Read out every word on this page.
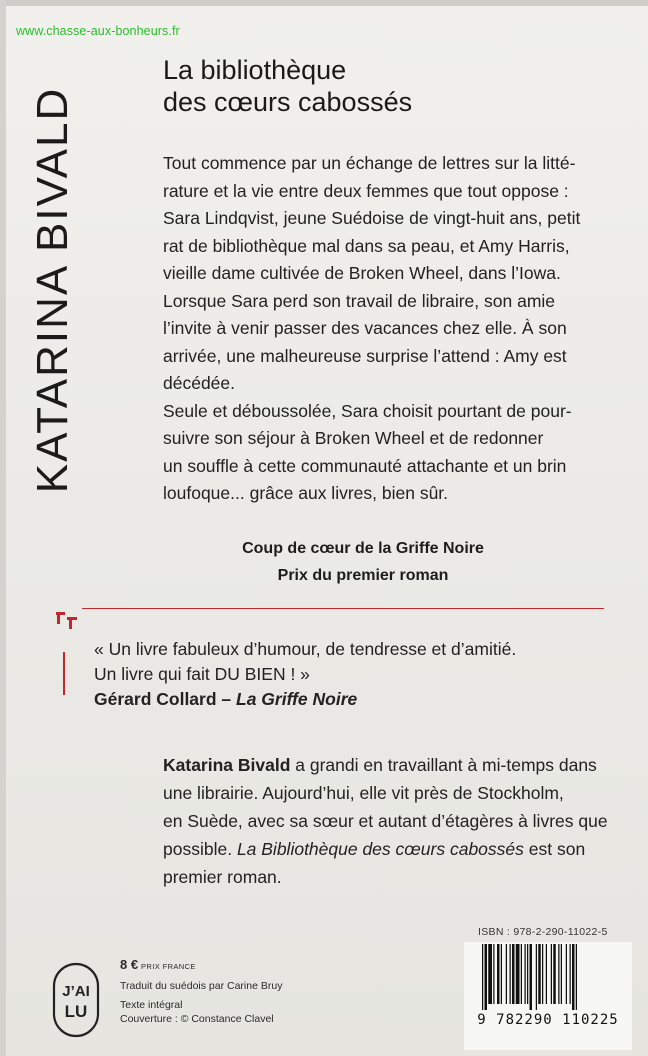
www.chasse-aux-bonheurs.fr
KATARINA BIVALD
La bibliothèque
des cœurs cabossés

Tout commence par un échange de lettres sur la litté-

rature et la vie entre deux femmes que tout oppose :

Sara Lindqvist, jeune Suédoise de vingt-huit ans, petit

rat de bibliothèque mal dans sa peau, et Amy Harris,

vieille dame cultivée de Broken Wheel, dans l’Iowa.

Lorsque Sara perd son travail de libraire, son amie

l’invite à venir passer des vacances chez elle. À son

arrivée, une malheureuse surprise l’attend : Amy est

décédée.

Seule et déboussolée, Sara choisit pourtant de pour-

suivre son séjour à Broken Wheel et de redonner

un souffle à cette communauté attachante et un brin

loufoque... grâce aux livres, bien sûr.

Coup de cœur de la Griffe Noire
Prix du premier roman
« Un livre fabuleux d’humour, de tendresse et d’amitié.
Un livre qui fait DU BIEN ! »
Gérard Collard – La Griffe Noire

Katarina Bivald a grandi en travaillant à mi-temps dans

une librairie. Aujourd’hui, elle vit près de Stockholm,

en Suède, avec sa sœur et autant d’étagères à livres que

possible. La Bibliothèque des cœurs cabossés est son

premier roman.

ISBN : 978-2-290-11022-5
9 782290 110225
J’AI
LU
8 € PRIX FRANCE
Traduit du suédois par Carine Bruy
Texte intégral
Couverture : © Constance Clavel
